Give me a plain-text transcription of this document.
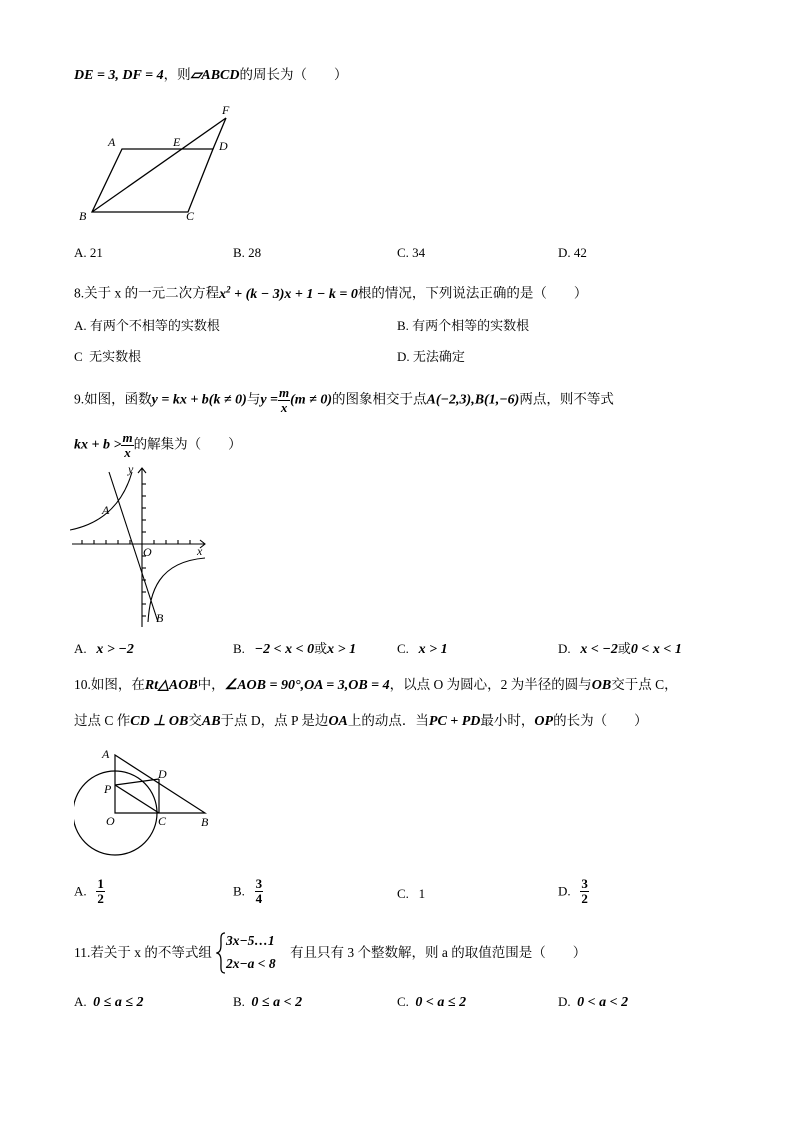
DE = 3, DF = 4，则▱ABCD的周长为（　　）
A	E	D
F
B	C
A. 21	B. 28	C. 34	D. 42
8.关于 x 的一元二次方程$x^2 + (k - 3)x + 1 - k = 0$根的情况，下列说法正确的是（　　）
A. 有两个不相等的实数根	B. 有两个相等的实数根
C 无实数根	D. 无法确定
9.如图，函数y = kx + b(k ≠ 0)与$y = \frac{m}{x} (m \ne 0)$的图象相交于点A(−2,3),B(1,−6)两点，则不等式
kx + $b > \frac{m}{x}$ 的解集为（　　）
y
A
O	x
B
A. x > −2	B. −2 < x < 0或x > 1	C. x > 1	D. x < −2或0 < x < 1
10.如图，在Rt△AOB中，∠AOB = 90°,OA = 3,OB = 4，以点 O 为圆心，2 为半径的圆与OB交于点 C，
过点 C 作CD ⊥ OB交AB于点 D，点 P 是边OA上的动点．当PC + PD最小时，OP的长为（　　）
A
D
P
O	C	B
A. $\frac{1}{2}$	B. $\frac{3}{4}$	C. 1	D. $\frac{3}{2}$
11.若关于 x 的不等式组
3x−5…1
2x−a < 8
有且只有 3 个整数解，则 a 的取值范围是（　　）
A. 0 ≤ a ≤ 2	B. 0 ≤ a < 2	C. 0 < a ≤ 2	D. 0 < a < 2
